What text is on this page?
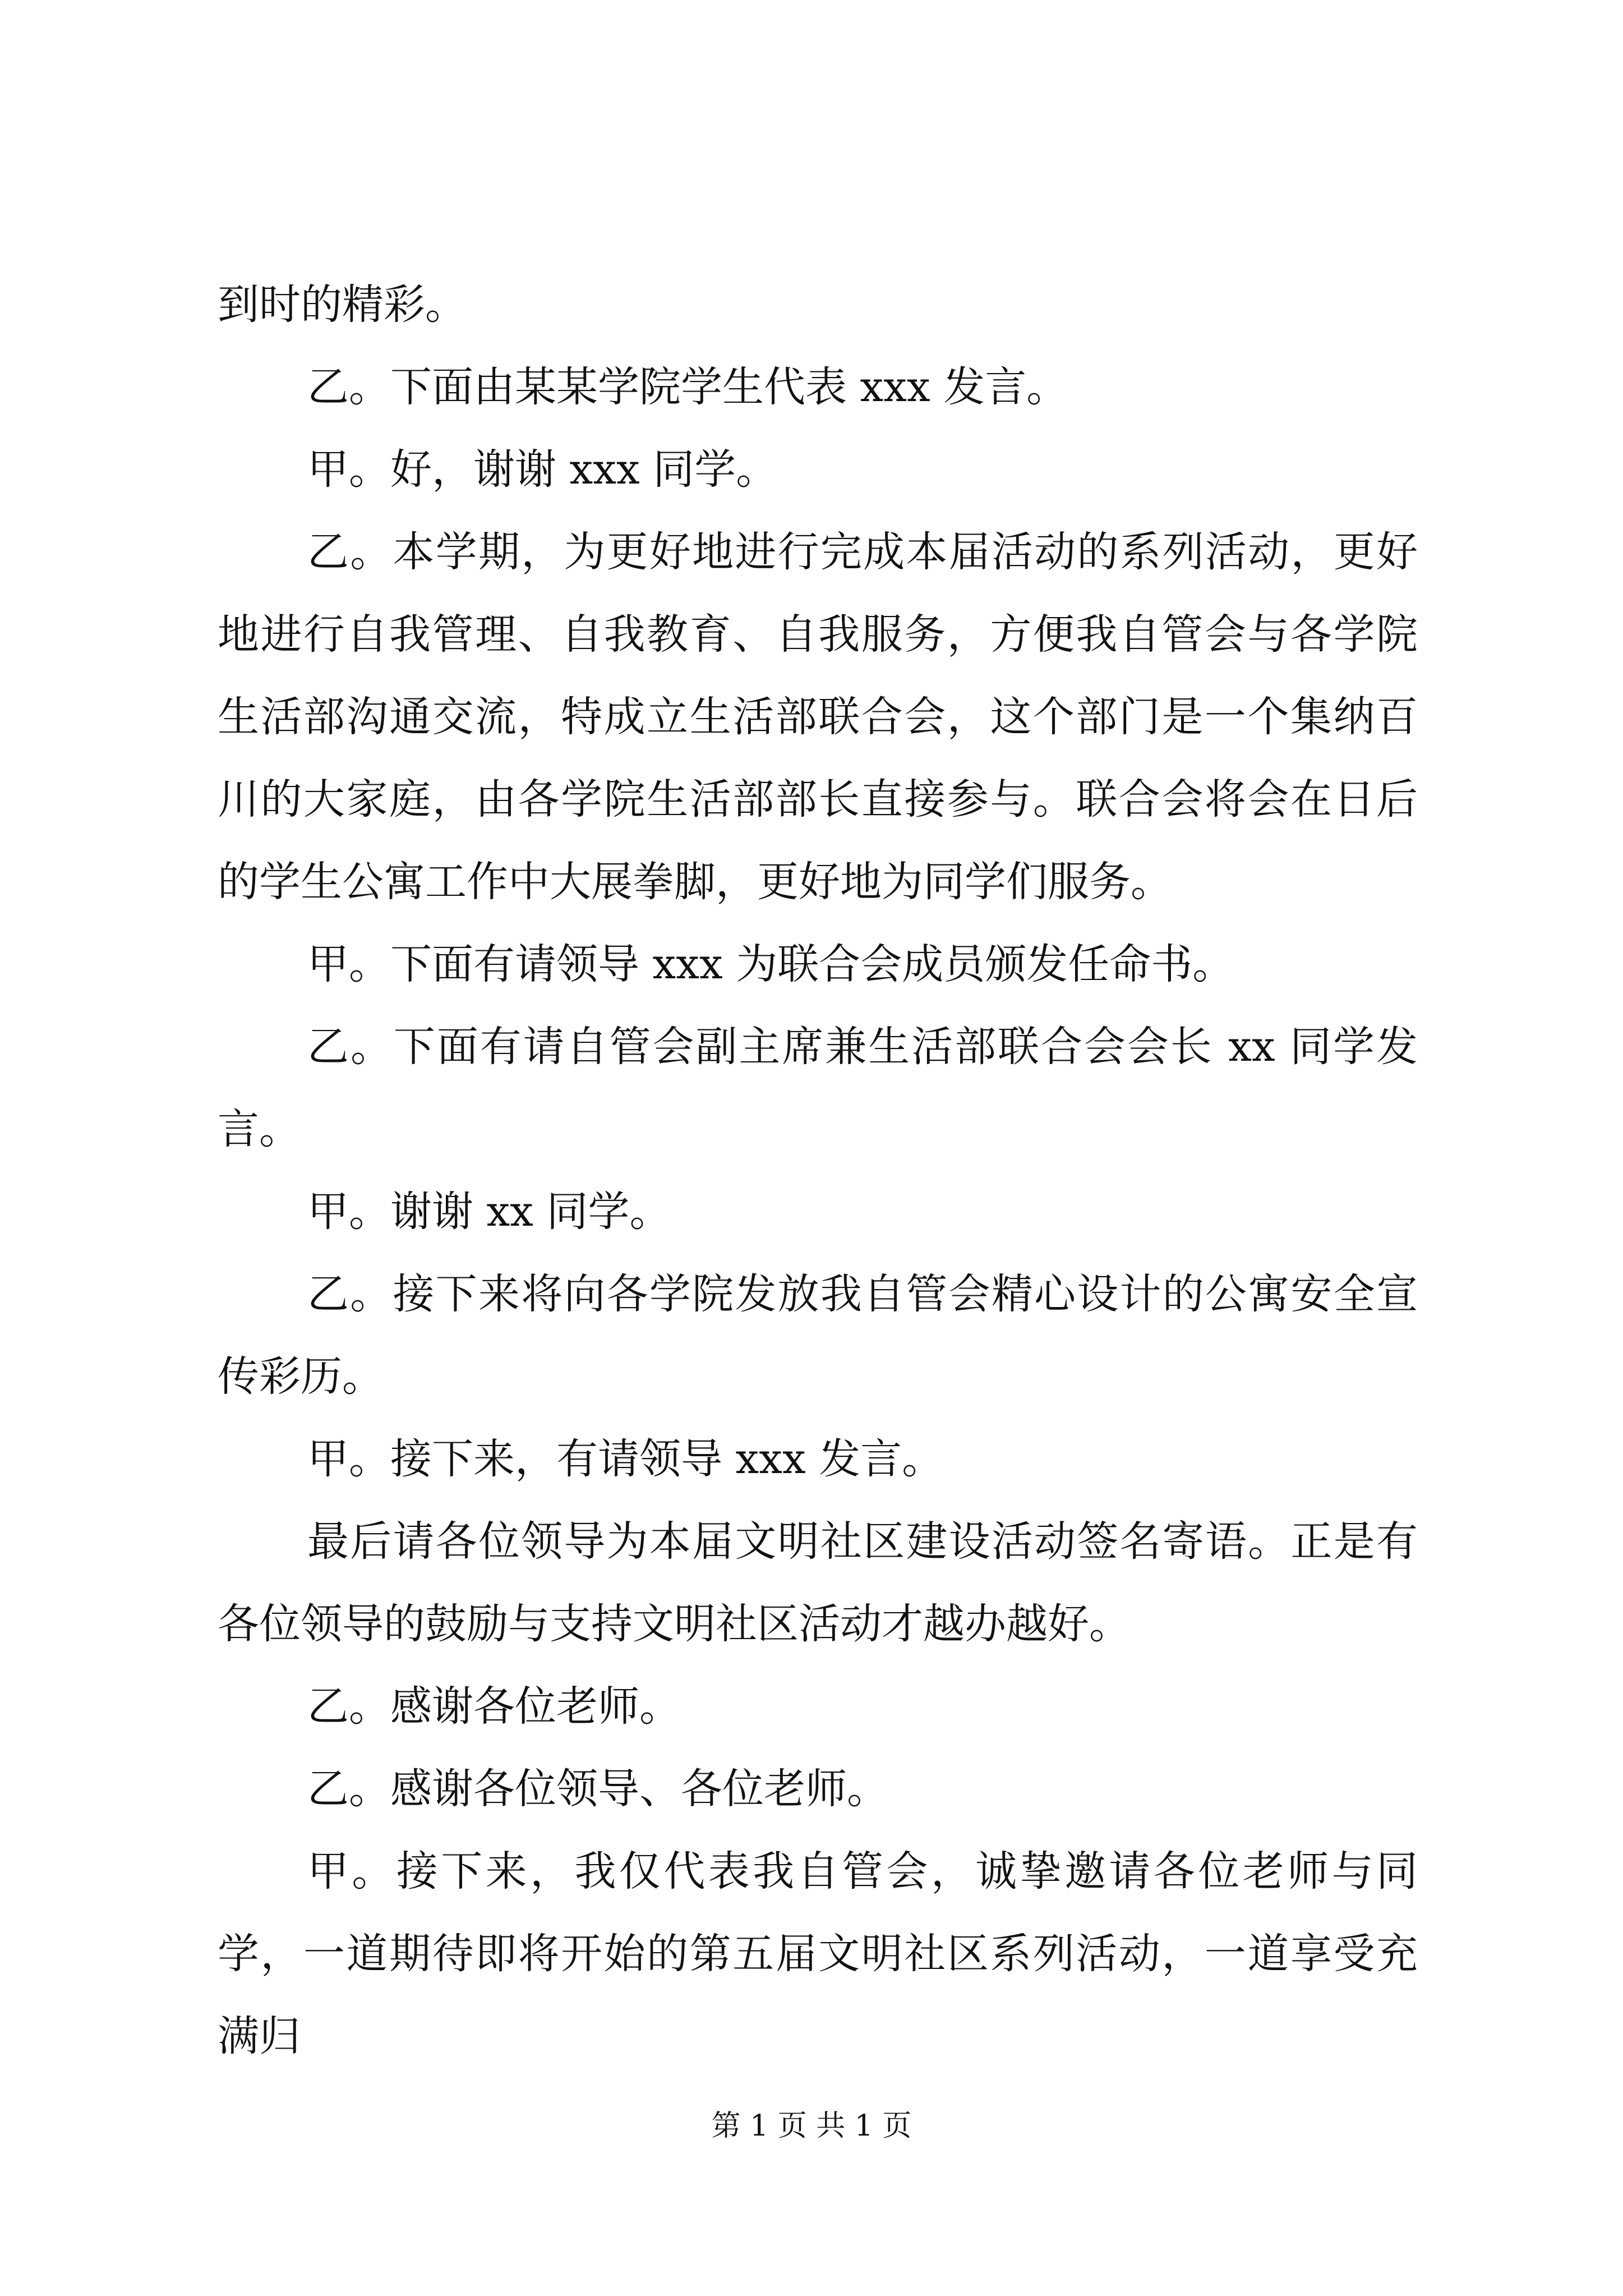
到时的精彩。

乙。下面由某某学院学生代表 xxx 发言。

甲。好，谢谢 xxx 同学。

乙。本学期，为更好地进行完成本届活动的系列活动，更好地进行自我管理、自我教育、自我服务，方便我自管会与各学院生活部沟通交流，特成立生活部联合会，这个部门是一个集纳百川的大家庭，由各学院生活部部长直接参与。联合会将会在日后的学生公寓工作中大展拳脚，更好地为同学们服务。

甲。下面有请领导 xxx 为联合会成员颁发任命书。

乙。下面有请自管会副主席兼生活部联合会会长 xx 同学发言。

甲。谢谢 xx 同学。

乙。接下来将向各学院发放我自管会精心设计的公寓安全宣传彩历。

甲。接下来，有请领导 xxx 发言。

最后请各位领导为本届文明社区建设活动签名寄语。正是有各位领导的鼓励与支持文明社区活动才越办越好。

乙。感谢各位老师。

乙。感谢各位领导、各位老师。

甲。接下来，我仅代表我自管会，诚挚邀请各位老师与同学，一道期待即将开始的第五届文明社区系列活动，一道享受充满归

第 1 页 共 1 页
